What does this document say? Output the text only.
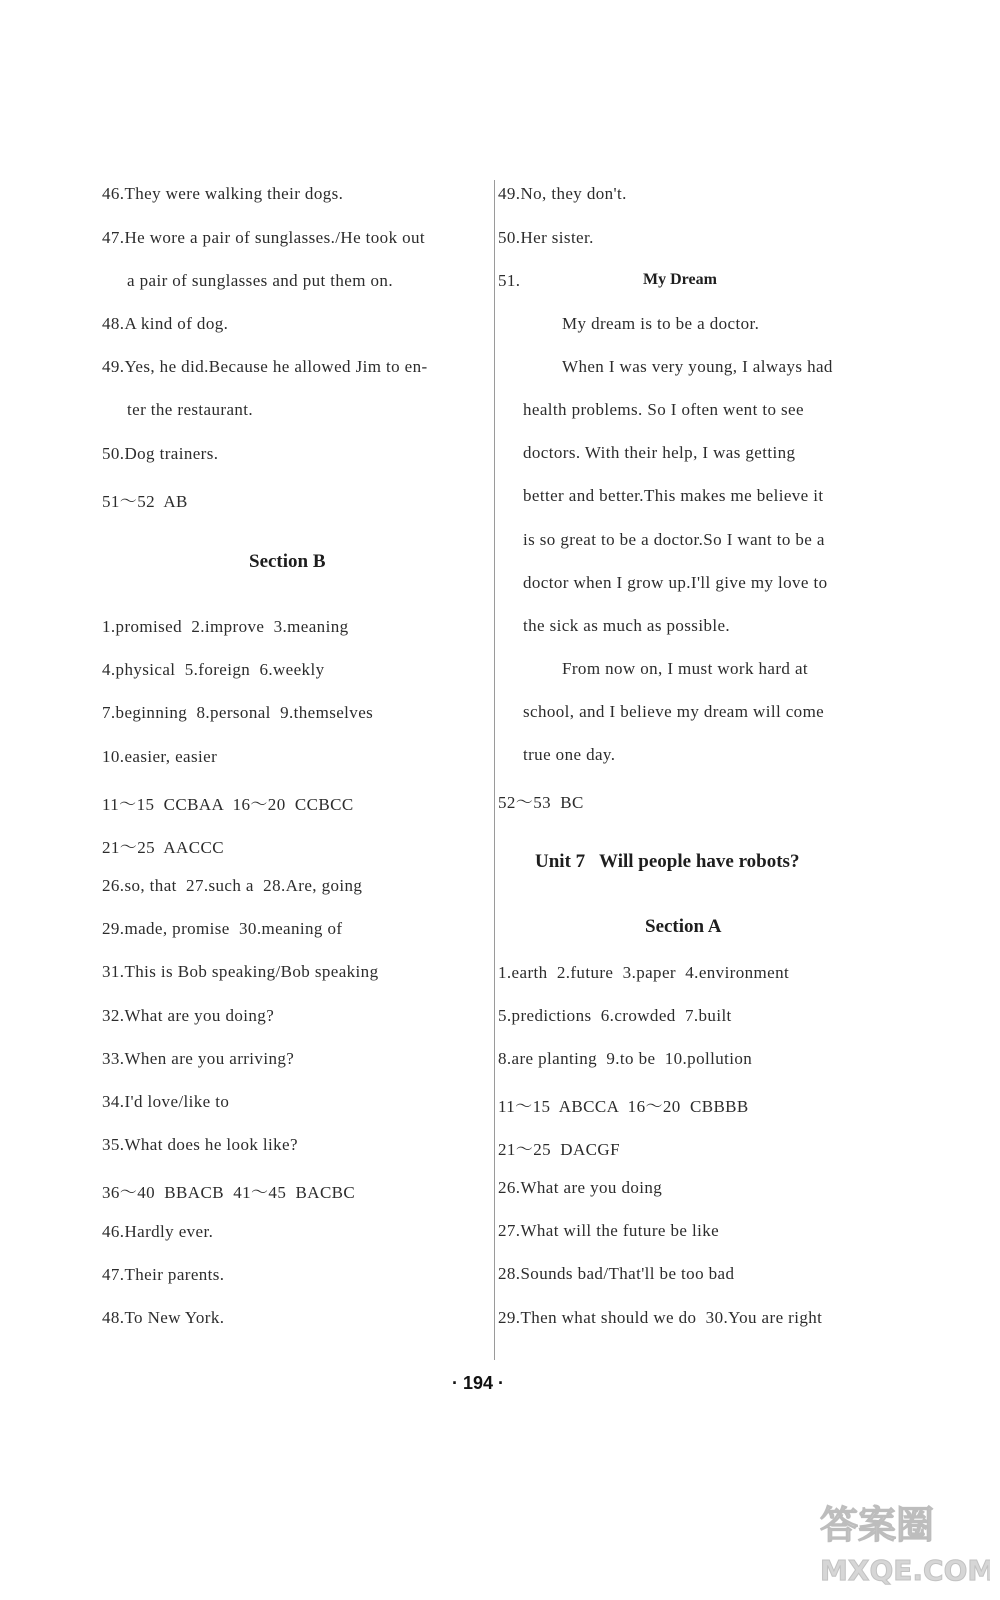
46.They were walking their dogs.
47.He wore a pair of sunglasses./He took out
a pair of sunglasses and put them on.
48.A kind of dog.
49.Yes, he did.Because he allowed Jim to en-
ter the restaurant.
50.Dog trainers.
51～52  AB
Section B
1.promised  2.improve  3.meaning
4.physical  5.foreign  6.weekly
7.beginning  8.personal  9.themselves
10.easier, easier
11～15  CCBAA  16～20  CCBCC
21～25  AACCC
26.so, that  27.such a  28.Are, going
29.made, promise  30.meaning of
31.This is Bob speaking/Bob speaking
32.What are you doing?
33.When are you arriving?
34.I'd love/like to
35.What does he look like?
36～40  BBACB  41～45  BACBC
46.Hardly ever.
47.Their parents.
48.To New York.
49.No, they don't.
50.Her sister.
51.	My Dream
My dream is to be a doctor.
When I was very young, I always had
health problems. So I often went to see
doctors. With their help, I was getting
better and better.This makes me believe it
is so great to be a doctor.So I want to be a
doctor when I grow up.I'll give my love to
the sick as much as possible.
From now on, I must work hard at
school, and I believe my dream will come
true one day.
52～53  BC
Unit 7   Will people have robots?
Section A
1.earth  2.future  3.paper  4.environment
5.predictions  6.crowded  7.built
8.are planting  9.to be  10.pollution
11～15  ABCCA  16～20  CBBBB
21～25  DACGF
26.What are you doing
27.What will the future be like
28.Sounds bad/That'll be too bad
29.Then what should we do  30.You are right
· 194 ·
答案圈
MXQE.COM
